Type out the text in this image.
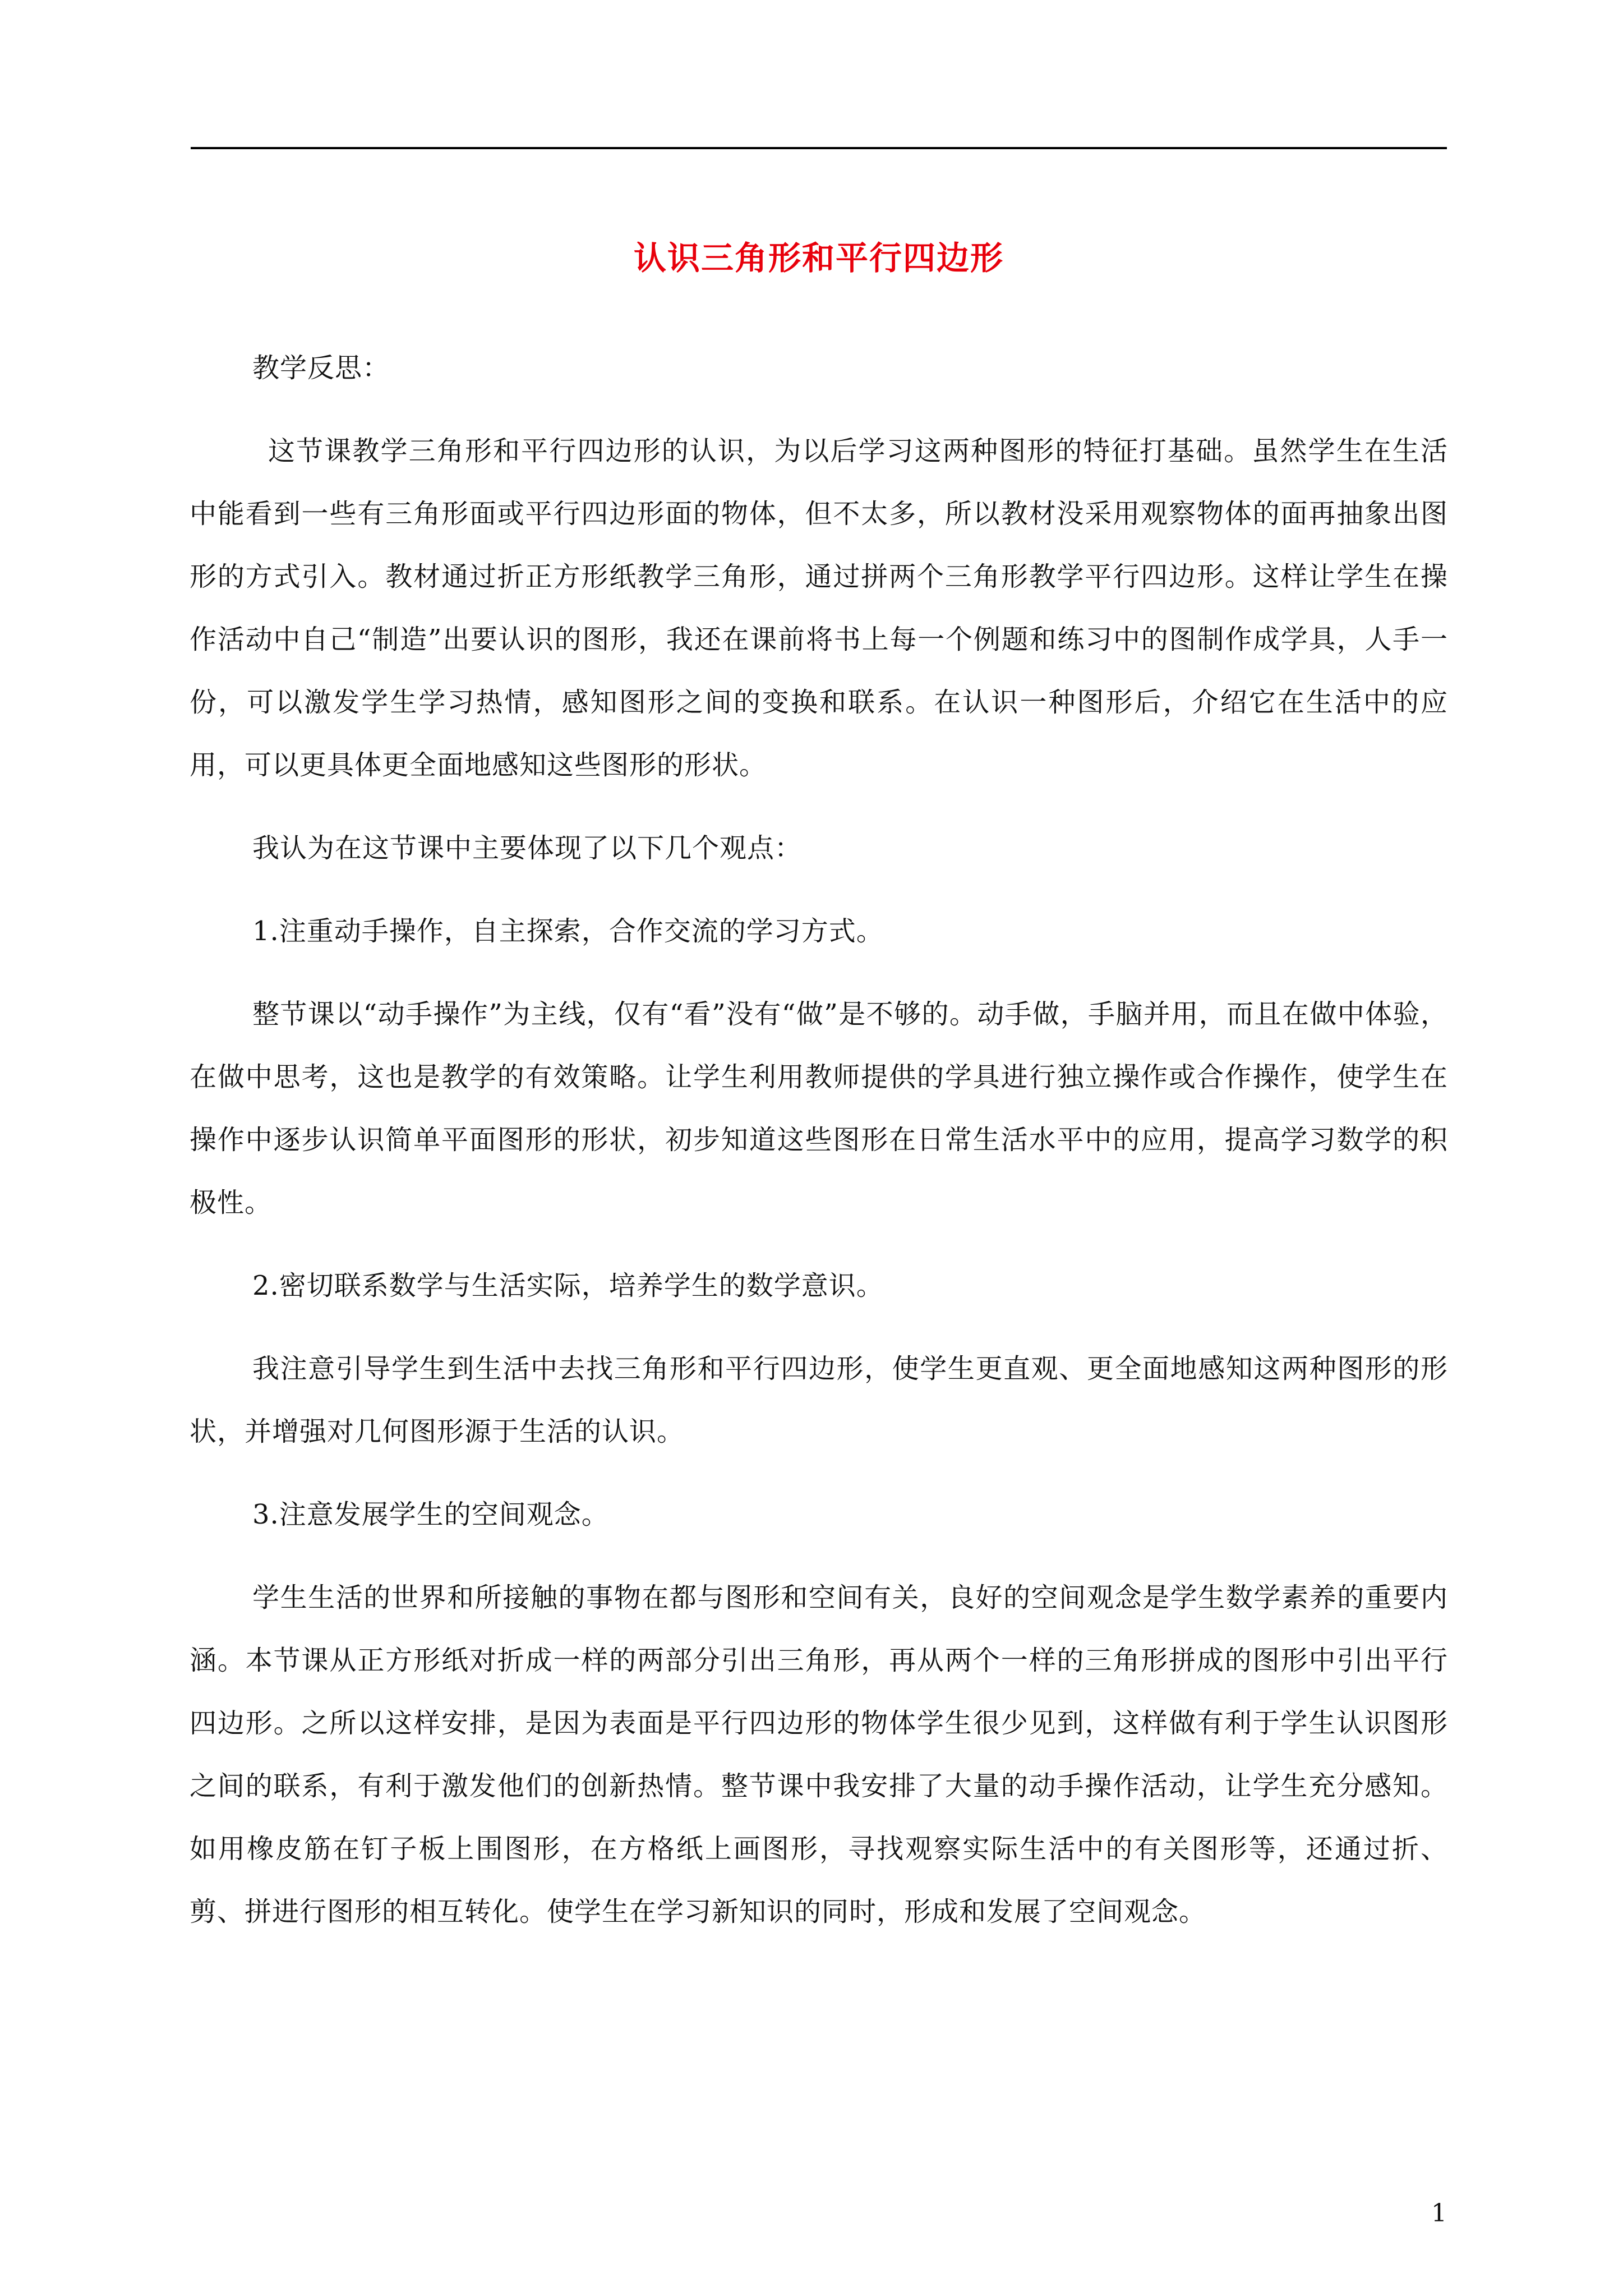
认识三角形和平行四边形

教学反思：

这节课教学三角形和平行四边形的认识，为以后学习这两种图形的特征打基础。虽然学生在生活中能看到一些有三角形面或平行四边形面的物体，但不太多，所以教材没采用观察物体的面再抽象出图形的方式引入。教材通过折正方形纸教学三角形，通过拼两个三角形教学平行四边形。这样让学生在操作活动中自己“制造”出要认识的图形，我还在课前将书上每一个例题和练习中的图制作成学具，人手一份，可以激发学生学习热情，感知图形之间的变换和联系。在认识一种图形后，介绍它在生活中的应用，可以更具体更全面地感知这些图形的形状。

我认为在这节课中主要体现了以下几个观点：

1.注重动手操作，自主探索，合作交流的学习方式。

整节课以“动手操作”为主线，仅有“看”没有“做”是不够的。动手做，手脑并用，而且在做中体验，在做中思考，这也是教学的有效策略。让学生利用教师提供的学具进行独立操作或合作操作，使学生在操作中逐步认识简单平面图形的形状，初步知道这些图形在日常生活水平中的应用，提高学习数学的积极性。

2.密切联系数学与生活实际，培养学生的数学意识。

我注意引导学生到生活中去找三角形和平行四边形，使学生更直观、更全面地感知这两种图形的形状，并增强对几何图形源于生活的认识。

3.注意发展学生的空间观念。

学生生活的世界和所接触的事物在都与图形和空间有关，良好的空间观念是学生数学素养的重要内涵。本节课从正方形纸对折成一样的两部分引出三角形，再从两个一样的三角形拼成的图形中引出平行四边形。之所以这样安排，是因为表面是平行四边形的物体学生很少见到，这样做有利于学生认识图形之间的联系，有利于激发他们的创新热情。整节课中我安排了大量的动手操作活动，让学生充分感知。如用橡皮筋在钉子板上围图形，在方格纸上画图形，寻找观察实际生活中的有关图形等，还通过折、剪、拼进行图形的相互转化。使学生在学习新知识的同时，形成和发展了空间观念。

1
